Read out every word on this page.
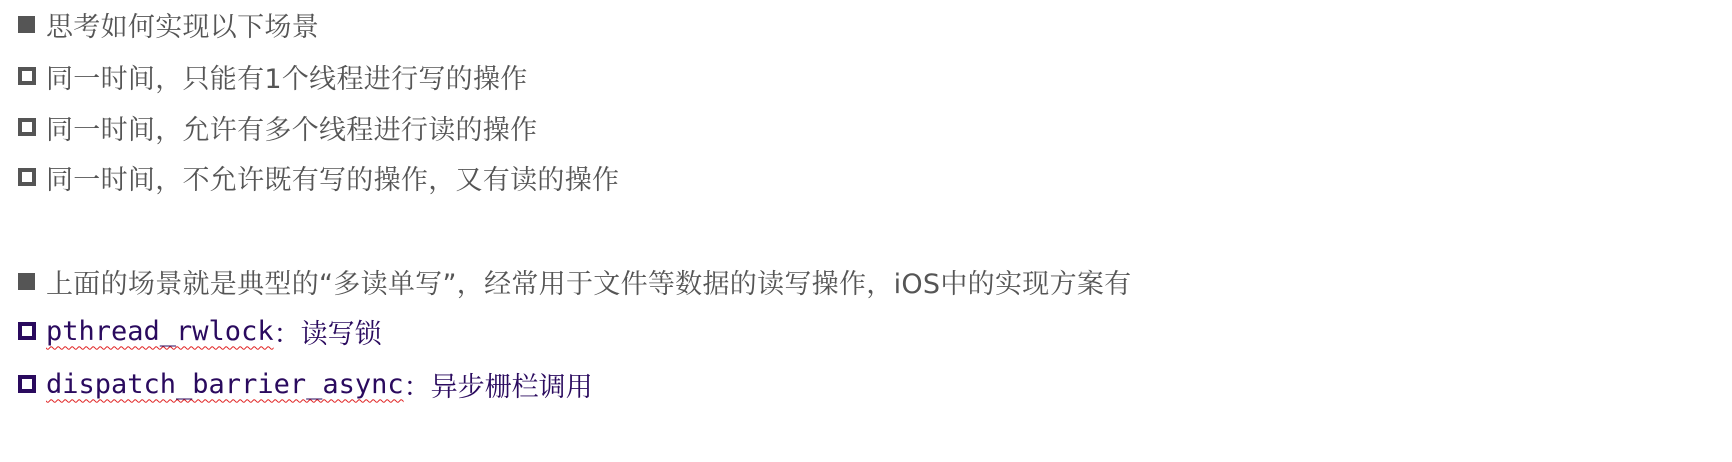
思考如何实现以下场景
同一时间，只能有1个线程进行写的操作
同一时间，允许有多个线程进行读的操作
同一时间，不允许既有写的操作，又有读的操作
上面的场景就是典型的“多读单写”，经常用于文件等数据的读写操作，iOS中的实现方案有
pthread_rwlock ：读写锁
dispatch_barrier_async ：异步栅栏调用
